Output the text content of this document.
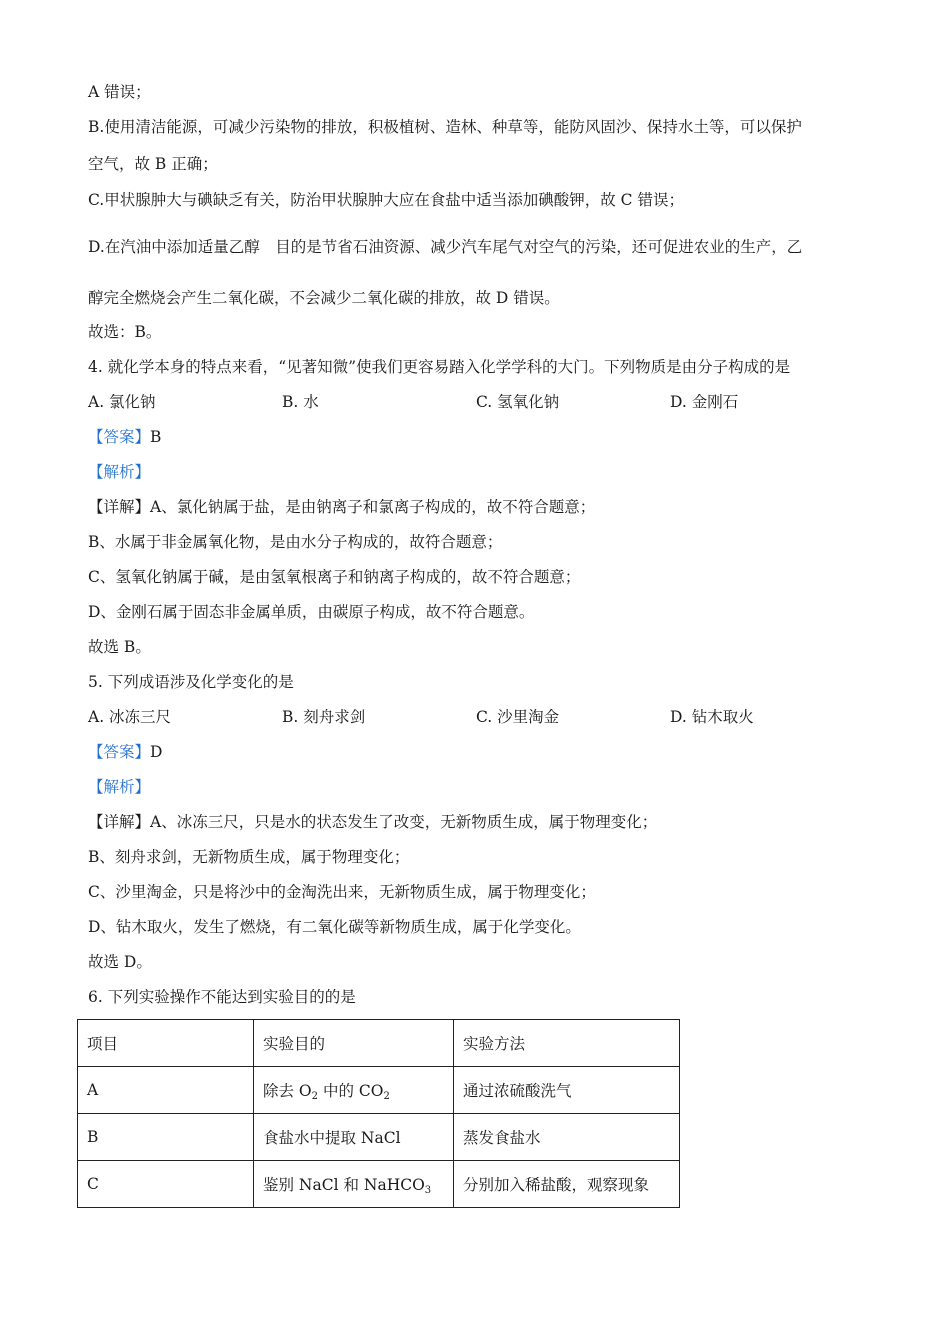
A 错误；
B.使用清洁能源，可减少污染物的排放，积极植树、造林、种草等，能防风固沙、保持水土等，可以保护
空气，故 B 正确；
C.甲状腺肿大与碘缺乏有关，防治甲状腺肿大应在食盐中适当添加碘酸钾，故 C 错误；
D.在汽油中添加适量乙醇　目的是节省石油资源、减少汽车尾气对空气的污染，还可促进农业的生产，乙
醇完全燃烧会产生二氧化碳，不会减少二氧化碳的排放，故 D 错误。
故选：B。
4. 就化学本身的特点来看，“见著知微”使我们更容易踏入化学学科的大门。下列物质是由分子构成的是
A. 氯化钠	B. 水	C. 氢氧化钠	D. 金刚石
【答案】B
【解析】
【详解】A、氯化钠属于盐，是由钠离子和氯离子构成的，故不符合题意；
B、水属于非金属氧化物，是由水分子构成的，故符合题意；
C、氢氧化钠属于碱，是由氢氧根离子和钠离子构成的，故不符合题意；
D、金刚石属于固态非金属单质，由碳原子构成，故不符合题意。
故选 B。
5. 下列成语涉及化学变化的是
A. 冰冻三尺	B. 刻舟求剑	C. 沙里淘金	D. 钻木取火
【答案】D
【解析】
【详解】A、冰冻三尺，只是水的状态发生了改变，无新物质生成，属于物理变化；
B、刻舟求剑，无新物质生成，属于物理变化；
C、沙里淘金，只是将沙中的金淘洗出来，无新物质生成，属于物理变化；
D、钻木取火，发生了燃烧，有二氧化碳等新物质生成，属于化学变化。
故选 D。
6. 下列实验操作不能达到实验目的的是
项目	实验目的	实验方法
A	除去 $O_2$ 中的 $CO_2$	通过浓硫酸洗气
B	食盐水中提取 NaCl	蒸发食盐水
C	鉴别 NaCl 和 NaHCO$_3$	分别加入稀盐酸，观察现象
